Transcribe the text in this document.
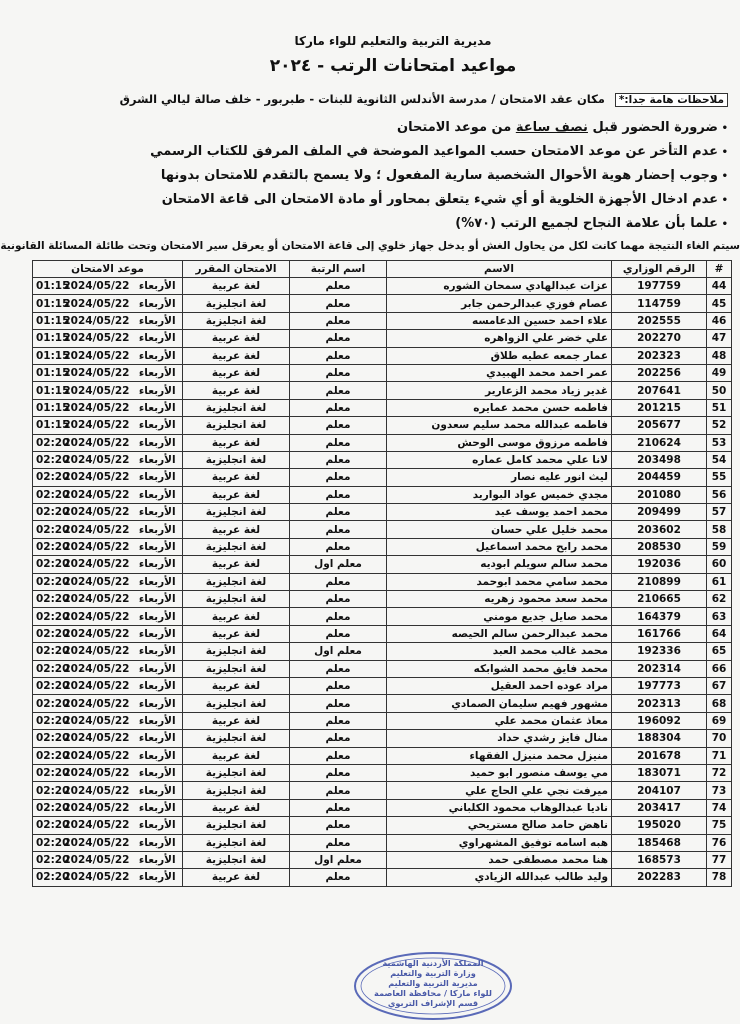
مديرية التربية والتعليم للواء ماركا
مواعيد امتحانات الرتب - ٢٠٢٤
ملاحظات هامة جدا:* مكان عقد الامتحان / مدرسة الأندلس الثانوية للبنات - طبربور - خلف صالة ليالي الشرق
•ضرورة الحضور قبل نصف ساعة من موعد الامتحان
•عدم التأخر عن موعد الامتحان حسب المواعيد الموضحة في الملف المرفق للكتاب الرسمي
•وجوب إحضار هوية الأحوال الشخصية سارية المفعول ؛ ولا يسمح بالتقدم للامتحان بدونها
•عدم ادخال الأجهزة الخلوية أو أي شيء يتعلق بمحاور أو مادة الامتحان الى قاعة الامتحان
•علما بأن علامة النجاح لجميع الرتب (٧٠%)
سيتم الغاء النتيجة مهما كانت لكل من يحاول الغش أو يدخل جهاز خلوي إلى قاعة الامتحان أو يعرقل سير الامتحان وتحت طائلة المسائلة القانونية
#	الرقم الوزاري	الاسم	اسم الرتبة	الامتحان المقرر	موعد الامتحان		
44	197759	عزات عبدالهادي سمحان الشوره	معلم	لغة عربية	الأربعاء	2024/05/22	01:15
45	114759	عصام فوزي عبدالرحمن جابر	معلم	لغة انجليزية	الأربعاء	2024/05/22	01:15
46	202555	علاء احمد حسين الدعامسه	معلم	لغة انجليزية	الأربعاء	2024/05/22	01:15
47	202270	علي خضر علي الزواهره	معلم	لغة عربية	الأربعاء	2024/05/22	01:15
48	202323	عمار جمعه عطيه طلاق	معلم	لغة عربية	الأربعاء	2024/05/22	01:15
49	202256	عمر احمد محمد الهبيدي	معلم	لغة عربية	الأربعاء	2024/05/22	01:15
50	207641	غدير زياد محمد الزعارير	معلم	لغة عربية	الأربعاء	2024/05/22	01:15
51	201215	فاطمه حسن محمد عمايره	معلم	لغة انجليزية	الأربعاء	2024/05/22	01:15
52	205677	فاطمه عبدالله محمد سليم سعدون	معلم	لغة انجليزية	الأربعاء	2024/05/22	01:15
53	210624	فاطمه مرزوق موسى الوحش	معلم	لغة عربية	الأربعاء	2024/05/22	02:20
54	203498	لانا علي محمد كامل عماره	معلم	لغة انجليزية	الأربعاء	2024/05/22	02:20
55	204459	ليث انور عليه نصار	معلم	لغة عربية	الأربعاء	2024/05/22	02:20
56	201080	مجدي خميس عواد البواريد	معلم	لغة عربية	الأربعاء	2024/05/22	02:20
57	209499	محمد احمد يوسف عيد	معلم	لغة انجليزية	الأربعاء	2024/05/22	02:20
58	203602	محمد خليل علي حسان	معلم	لغة عربية	الأربعاء	2024/05/22	02:20
59	208530	محمد رابح محمد اسماعيل	معلم	لغة انجليزية	الأربعاء	2024/05/22	02:20
60	192036	محمد سالم سويلم ابوديه	معلم اول	لغة عربية	الأربعاء	2024/05/22	02:20
61	210899	محمد سامي محمد ابوحمد	معلم	لغة انجليزية	الأربعاء	2024/05/22	02:20
62	210665	محمد سعد محمود زهريه	معلم	لغة انجليزية	الأربعاء	2024/05/22	02:20
63	164379	محمد صايل جديع مومني	معلم	لغة عربية	الأربعاء	2024/05/22	02:20
64	161766	محمد عبدالرحمن سالم الحيصه	معلم	لغة عربية	الأربعاء	2024/05/22	02:20
65	192336	محمد غالب محمد العبد	معلم اول	لغة انجليزية	الأربعاء	2024/05/22	02:20
66	202314	محمد فايق محمد الشوابكه	معلم	لغة انجليزية	الأربعاء	2024/05/22	02:20
67	197773	مراد عوده احمد العقيل	معلم	لغة عربية	الأربعاء	2024/05/22	02:20
68	202313	مشهور فهيم سليمان الصمادي	معلم	لغة انجليزية	الأربعاء	2024/05/22	02:20
69	196092	معاذ عثمان محمد علي	معلم	لغة عربية	الأربعاء	2024/05/22	02:20
70	188304	منال فايز رشدي حداد	معلم	لغة انجليزية	الأربعاء	2024/05/22	02:20
71	201678	منيزل محمد منيزل الفقهاء	معلم	لغة عربية	الأربعاء	2024/05/22	02:20
72	183071	مي يوسف منصور ابو حميد	معلم	لغة انجليزية	الأربعاء	2024/05/22	02:20
73	204107	ميرفت نجي علي الحاج علي	معلم	لغة انجليزية	الأربعاء	2024/05/22	02:20
74	203417	ناديا عبدالوهاب محمود الكلباني	معلم	لغة عربية	الأربعاء	2024/05/22	02:20
75	195020	ناهض حامد صالح مستريحي	معلم	لغة انجليزية	الأربعاء	2024/05/22	02:20
76	185468	هبه اسامه توفيق المشهراوي	معلم	لغة انجليزية	الأربعاء	2024/05/22	02:20
77	168573	هنا محمد مصطفى حمد	معلم اول	لغة انجليزية	الأربعاء	2024/05/22	02:20
78	202283	وليد طالب عبدالله الزيادي	معلم	لغة عربية	الأربعاء	2024/05/22	02:20
المملكة الأردنية الهاشمية
وزارة التربية والتعليم
مديرية التربية والتعليم
للواء ماركا / محافظة العاصمة
قسم الإشراف التربوي
